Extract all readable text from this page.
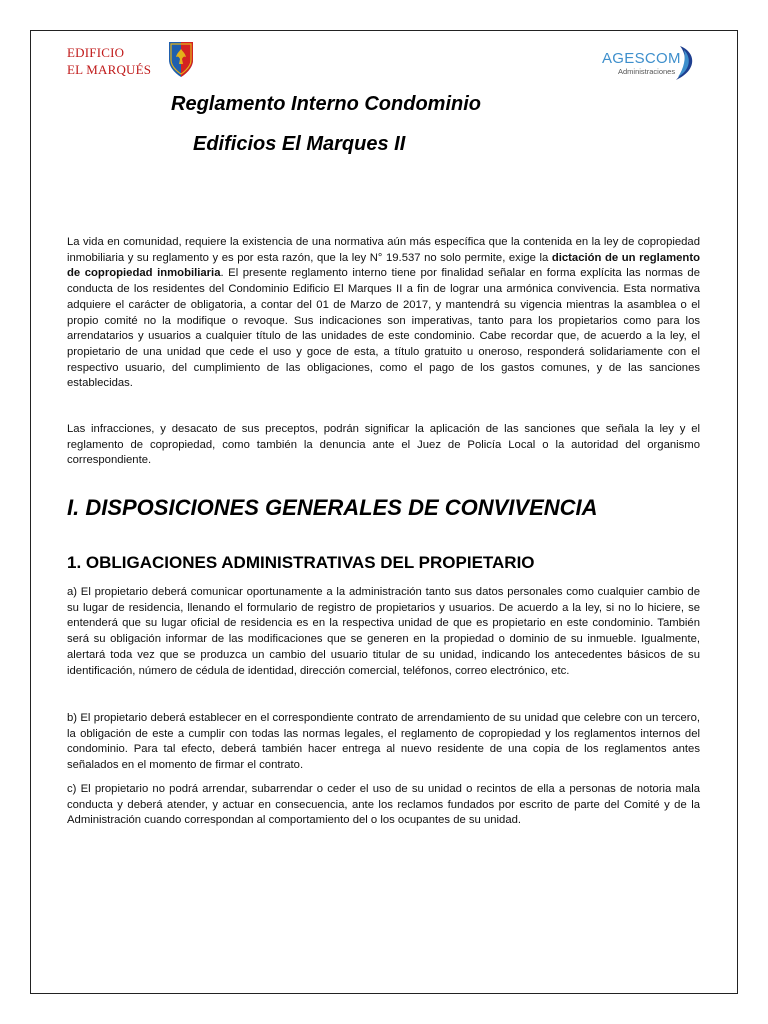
EDIFICIO
EL MARQUÉS
AGESCOM
Administraciones
Reglamento Interno Condominio
Edificios El Marques II

La vida en comunidad, requiere la existencia de una normativa aún más específica que la contenida en la ley de copropiedad inmobiliaria y su reglamento y es por esta razón, que la ley N° 19.537 no solo permite, exige la dictación de un reglamento de copropiedad inmobiliaria. El presente reglamento interno tiene por finalidad señalar en forma explícita las normas de conducta de los residentes del Condominio Edificio El Marques II a fin de lograr una armónica convivencia. Esta normativa adquiere el carácter de obligatoria, a contar del 01 de Marzo de 2017, y mantendrá su vigencia mientras la asamblea o el propio comité no la modifique o revoque. Sus indicaciones son imperativas, tanto para los propietarios como para los arrendatarios y usuarios a cualquier título de las unidades de este condominio. Cabe recordar que, de acuerdo a la ley, el propietario de una unidad que cede el uso y goce de esta, a título gratuito u oneroso, responderá solidariamente con el respectivo usuario, del cumplimiento de las obligaciones, como el pago de los gastos comunes, y de las sanciones establecidas.

Las infracciones, y desacato de sus preceptos, podrán significar la aplicación de las sanciones que señala la ley y el reglamento de copropiedad, como también la denuncia ante el Juez de Policía Local o la autoridad del organismo correspondiente.

I. DISPOSICIONES GENERALES DE CONVIVENCIA
1. OBLIGACIONES ADMINISTRATIVAS DEL PROPIETARIO

a) El propietario deberá comunicar oportunamente a la administración tanto sus datos personales como cualquier cambio de su lugar de residencia, llenando el formulario de registro de propietarios y usuarios. De acuerdo a la ley, si no lo hiciere, se entenderá que su lugar oficial de residencia es en la respectiva unidad de que es propietario en este condominio. También será su obligación informar de las modificaciones que se generen en la propiedad o dominio de su inmueble. Igualmente, alertará toda vez que se produzca un cambio del usuario titular de su unidad, indicando los antecedentes básicos de su identificación, número de cédula de identidad, dirección comercial, teléfonos, correo electrónico, etc.

b) El propietario deberá establecer en el correspondiente contrato de arrendamiento de su unidad que celebre con un tercero, la obligación de este a cumplir con todas las normas legales, el reglamento de copropiedad y los reglamentos internos del condominio. Para tal efecto, deberá también hacer entrega al nuevo residente de una copia de los reglamentos antes señalados en el momento de firmar el contrato.

c) El propietario no podrá arrendar, subarrendar o ceder el uso de su unidad o recintos de ella a personas de notoria mala conducta y deberá atender, y actuar en consecuencia, ante los reclamos fundados por escrito de parte del Comité y de la Administración cuando correspondan al comportamiento del o los ocupantes de su unidad.
